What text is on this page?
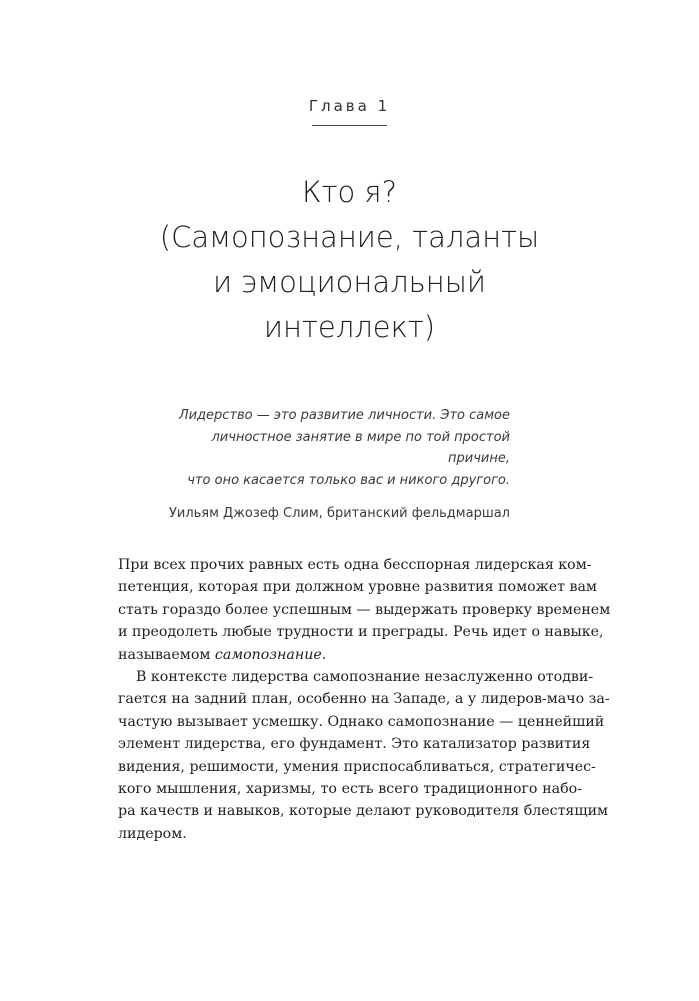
Глава 1
Кто я?
(Самопознание, таланты
и эмоциональный
интеллект)
Лидерство — это развитие личности. Это самое
личностное занятие в мире по той простой причине,
что оно касается только вас и никого другого.
Уильям Джозеф Слим, британский фельдмаршал
При всех прочих равных есть одна бесспорная лидерская ком-
петенция, которая при должном уровне развития поможет вам
стать гораздо более успешным — выдержать проверку временем
и преодолеть любые трудности и преграды. Речь идет о навыке,
называемом самопознание.
В контексте лидерства самопознание незаслуженно отодви-
гается на задний план, особенно на Западе, а у лидеров-мачо за-
частую вызывает усмешку. Однако самопознание — ценнейший
элемент лидерства, его фундамент. Это катализатор развития
видения, решимости, умения приспосабливаться, стратегичес-
кого мышления, харизмы, то есть всего традиционного набо-
ра качеств и навыков, которые делают руководителя блестящим
лидером.
